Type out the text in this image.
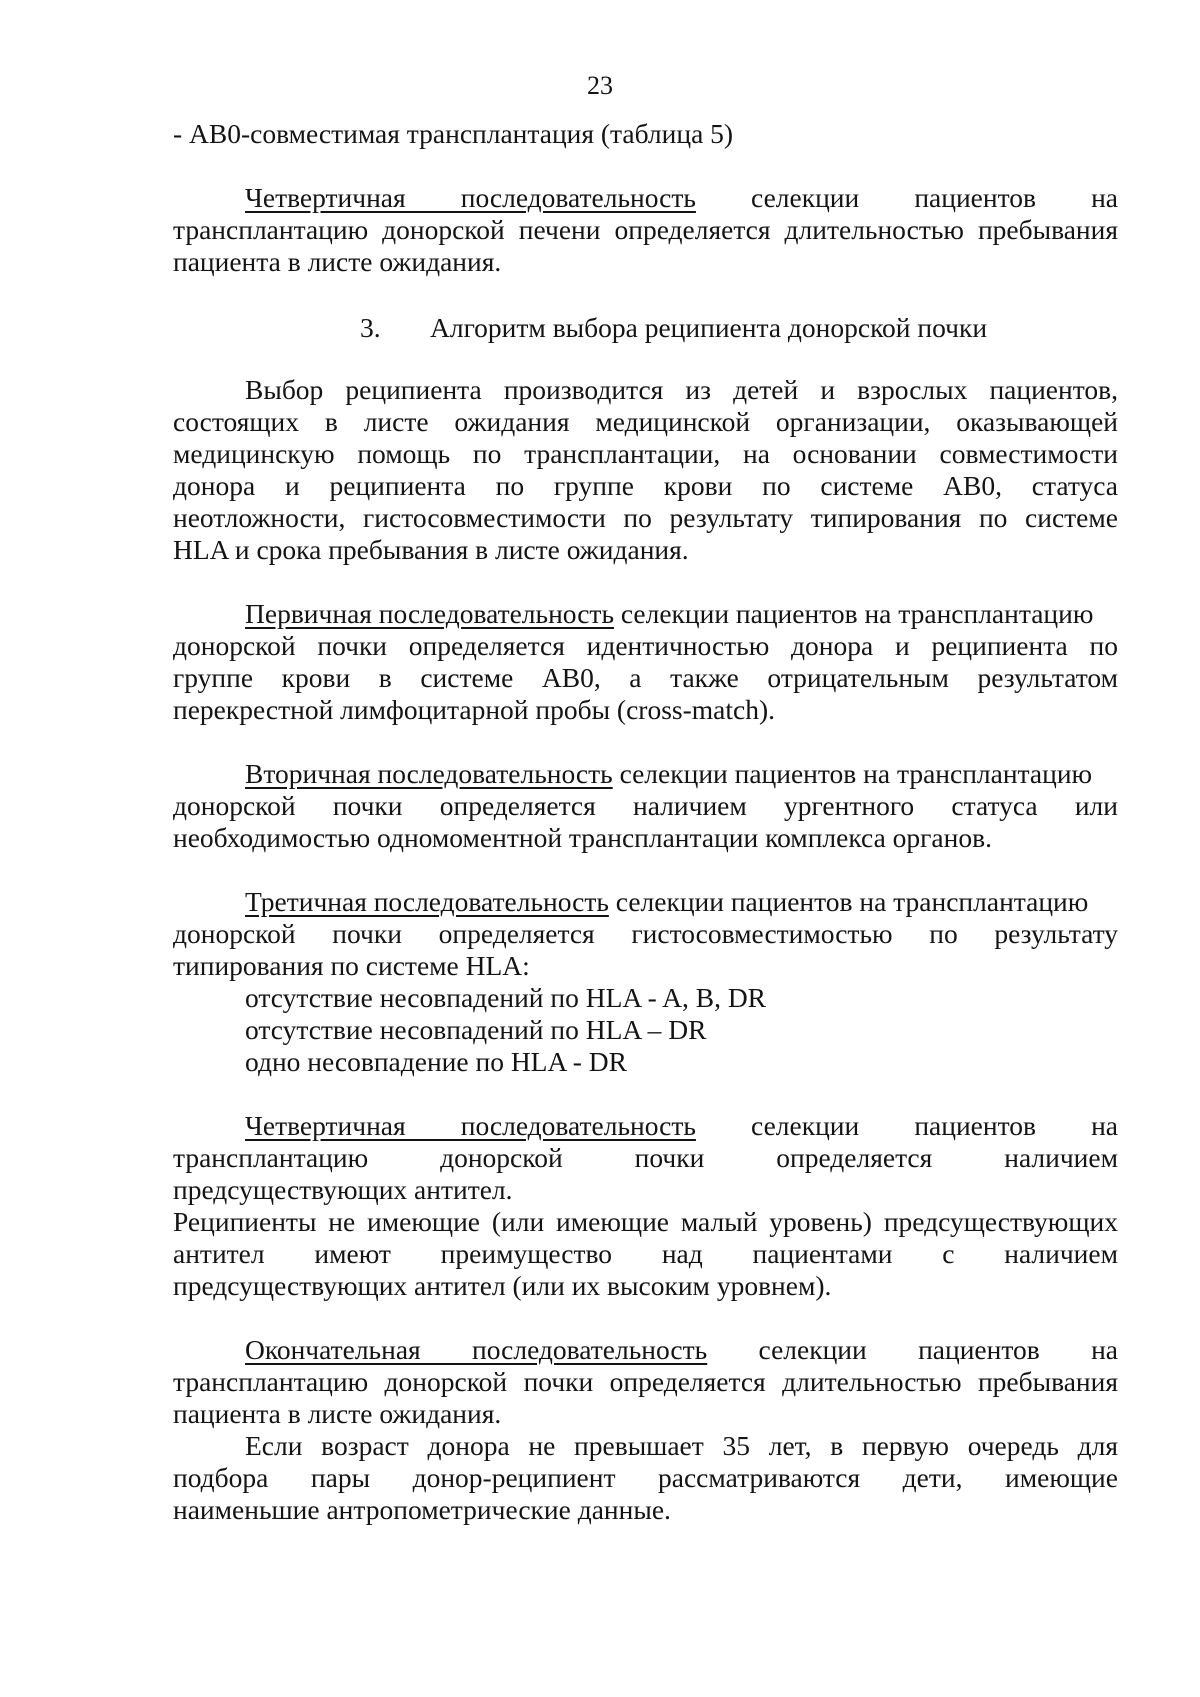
23
- АВ0-совместимая трансплантация (таблица 5)
Четвертичная последовательность селекции пациентов на
трансплантацию донорской печени определяется длительностью пребывания
пациента в листе ожидания.
3. Алгоритм выбора реципиента донорской почки
Выбор реципиента производится из детей и взрослых пациентов,
состоящих в листе ожидания медицинской организации, оказывающей
медицинскую помощь по трансплантации, на основании совместимости
донора и реципиента по группе крови по системе АВ0, статуса
неотложности, гистосовместимости по результату типирования по системе
HLA и срока пребывания в листе ожидания.
Первичная последовательность селекции пациентов на трансплантацию
донорской почки определяется идентичностью донора и реципиента по
группе крови в системе АВ0, а также отрицательным результатом
перекрестной лимфоцитарной пробы (cross-match).
Вторичная последовательность селекции пациентов на трансплантацию
донорской почки определяется наличием ургентного статуса или
необходимостью одномоментной трансплантации комплекса органов.
Третичная последовательность селекции пациентов на трансплантацию
донорской почки определяется гистосовместимостью по результату
типирования по системе HLA:
отсутствие несовпадений по HLA - A, B, DR
отсутствие несовпадений по HLA – DR
одно несовпадение по HLA - DR
Четвертичная последовательность селекции пациентов на
трансплантацию донорской почки определяется наличием
предсуществующих антител.
Реципиенты не имеющие (или имеющие малый уровень) предсуществующих
антител имеют преимущество над пациентами с наличием
предсуществующих антител (или их высоким уровнем).
Окончательная последовательность селекции пациентов на
трансплантацию донорской почки определяется длительностью пребывания
пациента в листе ожидания.
Если возраст донора не превышает 35 лет, в первую очередь для
подбора пары донор-реципиент рассматриваются дети, имеющие
наименьшие антропометрические данные.
